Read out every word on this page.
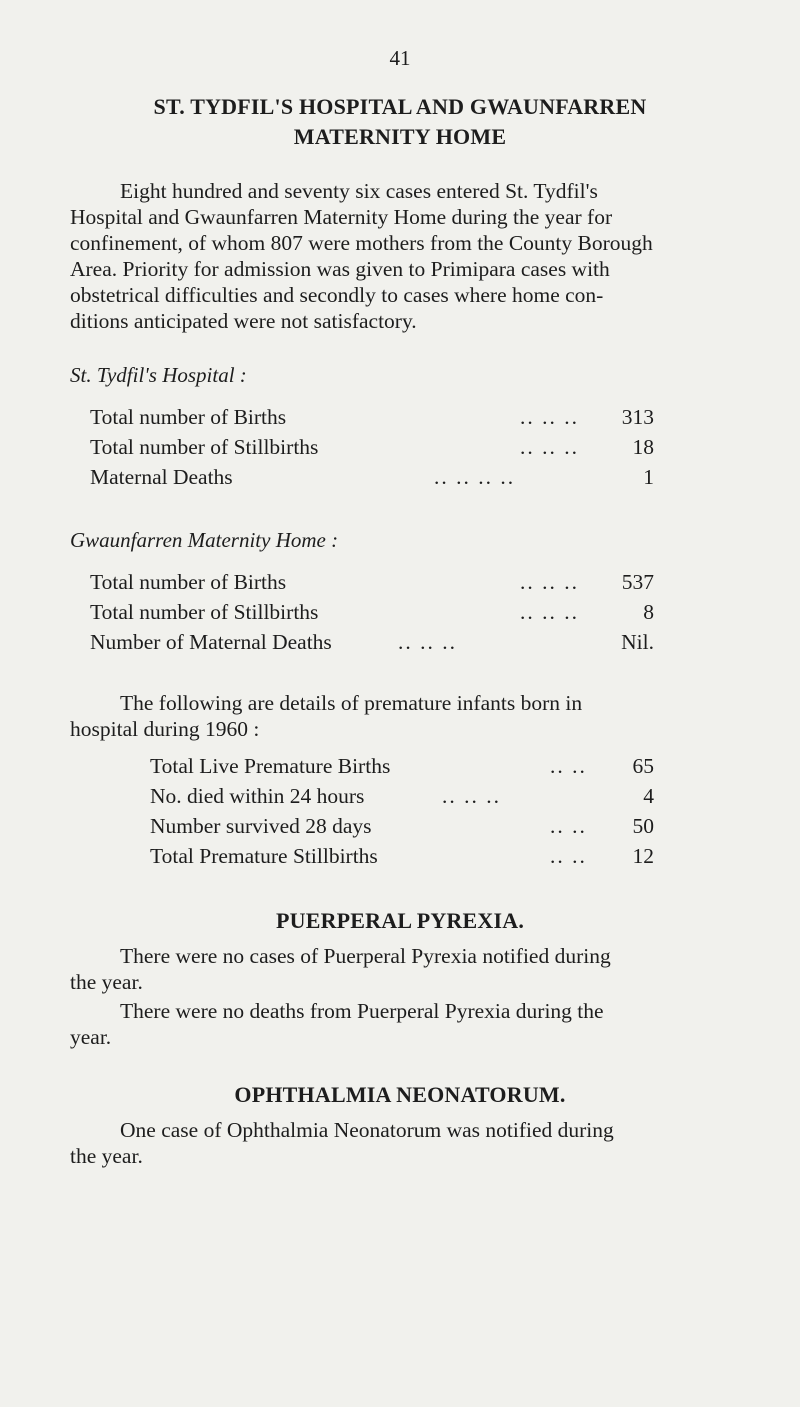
41
ST. TYDFIL'S HOSPITAL AND GWAUNFARREN
MATERNITY HOME
Eight hundred and seventy six cases entered St. Tydfil's
Hospital and Gwaunfarren Maternity Home during the year for
confinement, of whom 807 were mothers from the County Borough
Area. Priority for admission was given to Primipara cases with
obstetrical difficulties and secondly to cases where home con-
ditions anticipated were not satisfactory.
St. Tydfil's Hospital :
Total number of Births	.. .. .. 313
Total number of Stillbirths	.. .. .. 18
Maternal Deaths	.. .. .. ..	1
Gwaunfarren Maternity Home :
Total number of Births	.. .. .. 537
Total number of Stillbirths	.. .. ..	8
Number of Maternal Deaths	.. .. ..	Nil.
The following are details of premature infants born in
hospital during 1960 :
Total Live Premature Births	.. .. 65
No. died within 24 hours	.. .. ..	4
Number survived 28 days	.. .. 50
Total Premature Stillbirths	.. .. 12
PUERPERAL PYREXIA.
There were no cases of Puerperal Pyrexia notified during
the year.
There were no deaths from Puerperal Pyrexia during the
year.
OPHTHALMIA NEONATORUM.
One case of Ophthalmia Neonatorum was notified during
the year.
